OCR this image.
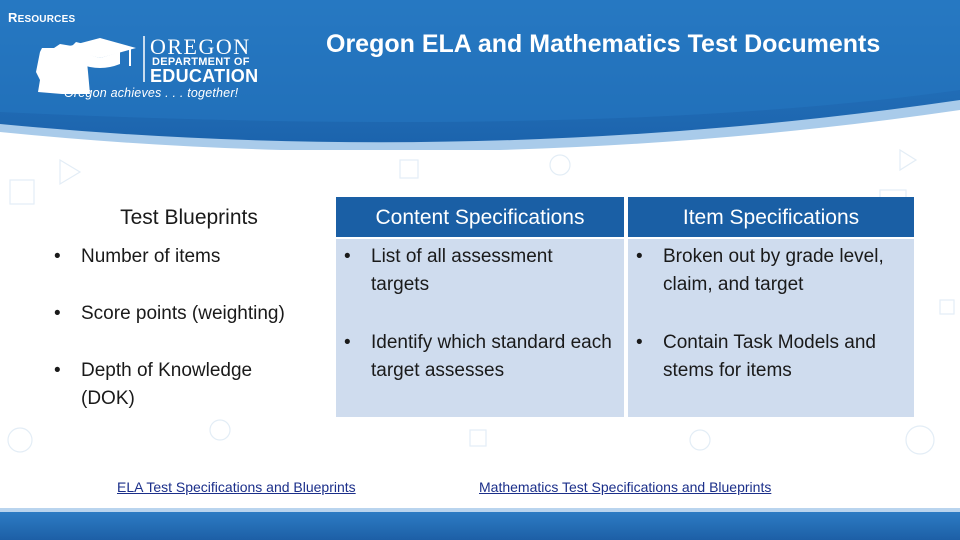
RESOURCES
OREGON
DEPARTMENT OF
EDUCATION
Oregon achieves . . . together!
Oregon ELA and Mathematics Test Documents
Test Blueprints
•	Number of items
•	Score points (weighting)
•	Depth of Knowledge (DOK)
Content Specifications
•	List of all assessment targets
•	Identify which standard each target assesses
Item Specifications
•	Broken out by grade level, claim, and target
•	Contain Task Models and stems for items
ELA Test Specifications and Blueprints	Mathematics Test Specifications and Blueprints
